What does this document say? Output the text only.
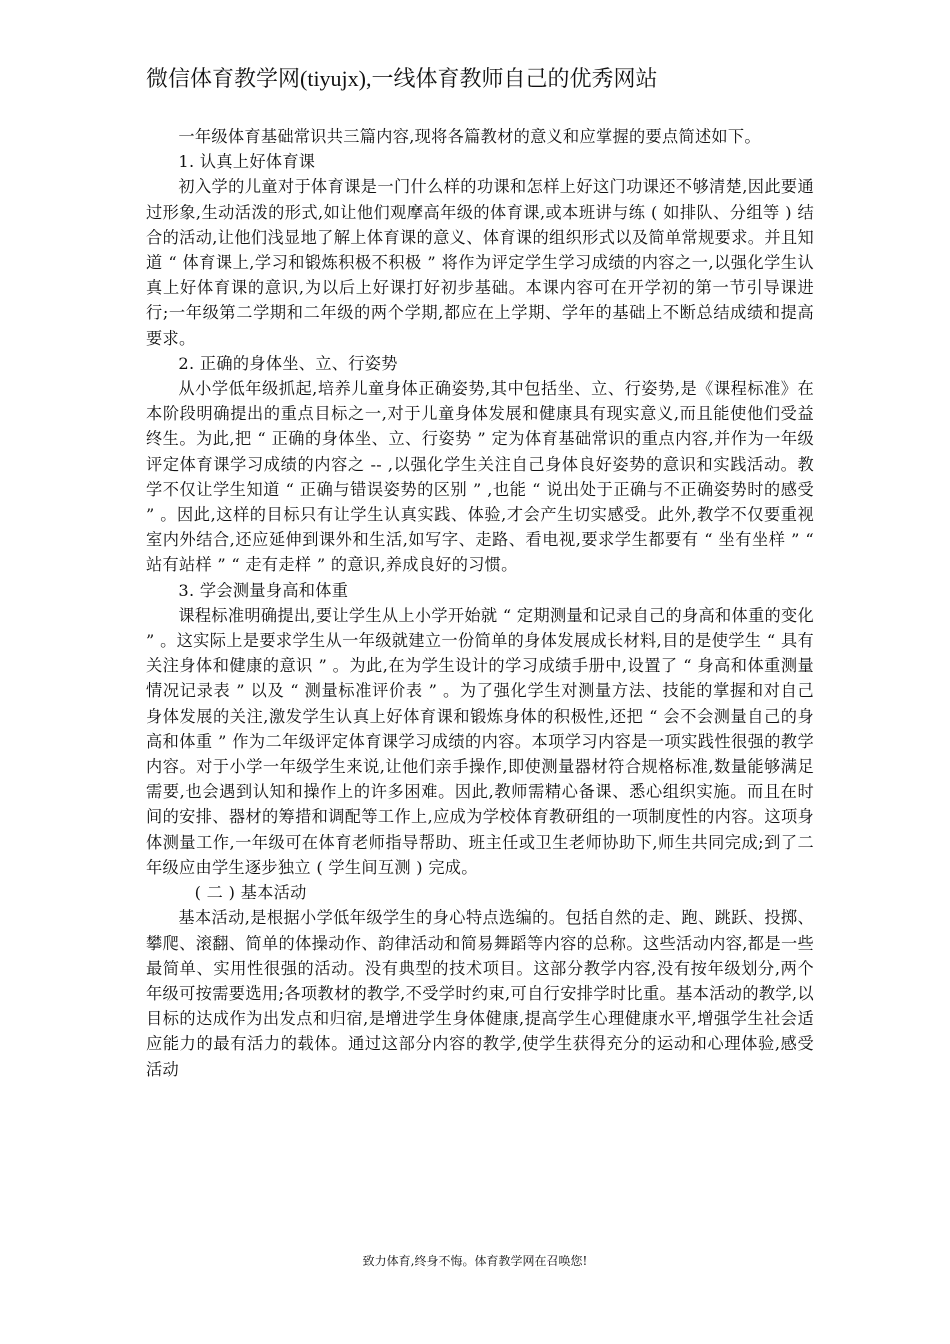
微信体育教学网(tiyujx),一线体育教师自己的优秀网站

一年级体育基础常识共三篇内容,现将各篇教材的意义和应掌握的要点简述如下。

1. 认真上好体育课

初入学的儿童对于体育课是一门什么样的功课和怎样上好这门功课还不够清楚,因此要通过形象,生动活泼的形式,如让他们观摩高年级的体育课,或本班讲与练 ( 如排队、分组等 ) 结合的活动,让他们浅显地了解上体育课的意义、体育课的组织形式以及简单常规要求。并且知道 “ 体育课上,学习和锻炼积极不积极 ” 将作为评定学生学习成绩的内容之一,以强化学生认真上好体育课的意识,为以后上好课打好初步基础。本课内容可在开学初的第一节引导课进行;一年级第二学期和二年级的两个学期,都应在上学期、学年的基础上不断总结成绩和提高要求。

2. 正确的身体坐、立、行姿势

从小学低年级抓起,培养儿童身体正确姿势,其中包括坐、立、行姿势,是《课程标准》在本阶段明确提出的重点目标之一,对于儿童身体发展和健康具有现实意义,而且能使他们受益终生。为此,把 “ 正确的身体坐、立、行姿势 ” 定为体育基础常识的重点内容,并作为一年级评定体育课学习成绩的内容之 -- ,以强化学生关注自己身体良好姿势的意识和实践活动。教学不仅让学生知道 “ 正确与错误姿势的区别 ” ,也能 “ 说出处于正确与不正确姿势时的感受 ” 。因此,这样的目标只有让学生认真实践、体验,才会产生切实感受。此外,教学不仅要重视室内外结合,还应延伸到课外和生活,如写字、走路、看电视,要求学生都要有 “ 坐有坐样 ” “ 站有站样 ” “ 走有走样 ” 的意识,养成良好的习惯。

3. 学会测量身高和体重

课程标准明确提出,要让学生从上小学开始就 “ 定期测量和记录自己的身高和体重的变化 ” 。这实际上是要求学生从一年级就建立一份简单的身体发展成长材料,目的是使学生 “ 具有关注身体和健康的意识 ” 。为此,在为学生设计的学习成绩手册中,设置了 “ 身高和体重测量情况记录表 ” 以及 “ 测量标准评价表 ” 。为了强化学生对测量方法、技能的掌握和对自己身体发展的关注,激发学生认真上好体育课和锻炼身体的积极性,还把 “ 会不会测量自己的身高和体重 ” 作为二年级评定体育课学习成绩的内容。本项学习内容是一项实践性很强的教学内容。对于小学一年级学生来说,让他们亲手操作,即使测量器材符合规格标准,数量能够满足需要,也会遇到认知和操作上的许多困难。因此,教师需精心备课、悉心组织实施。而且在时间的安排、器材的筹措和调配等工作上,应成为学校体育教研组的一项制度性的内容。这项身体测量工作,一年级可在体育老师指导帮助、班主任或卫生老师协助下,师生共同完成;到了二年级应由学生逐步独立 ( 学生间互测 ) 完成。

( 二 ) 基本活动

基本活动,是根据小学低年级学生的身心特点选编的。包括自然的走、跑、跳跃、投掷、攀爬、滚翻、简单的体操动作、韵律活动和简易舞蹈等内容的总称。这些活动内容,都是一些最简单、实用性很强的活动。没有典型的技术项目。这部分教学内容,没有按年级划分,两个年级可按需要选用;各项教材的教学,不受学时约束,可自行安排学时比重。基本活动的教学,以目标的达成作为出发点和归宿,是增进学生身体健康,提高学生心理健康水平,增强学生社会适应能力的最有活力的载体。通过这部分内容的教学,使学生获得充分的运动和心理体验,感受活动

致力体育,终身不悔。体育教学网在召唤您!
